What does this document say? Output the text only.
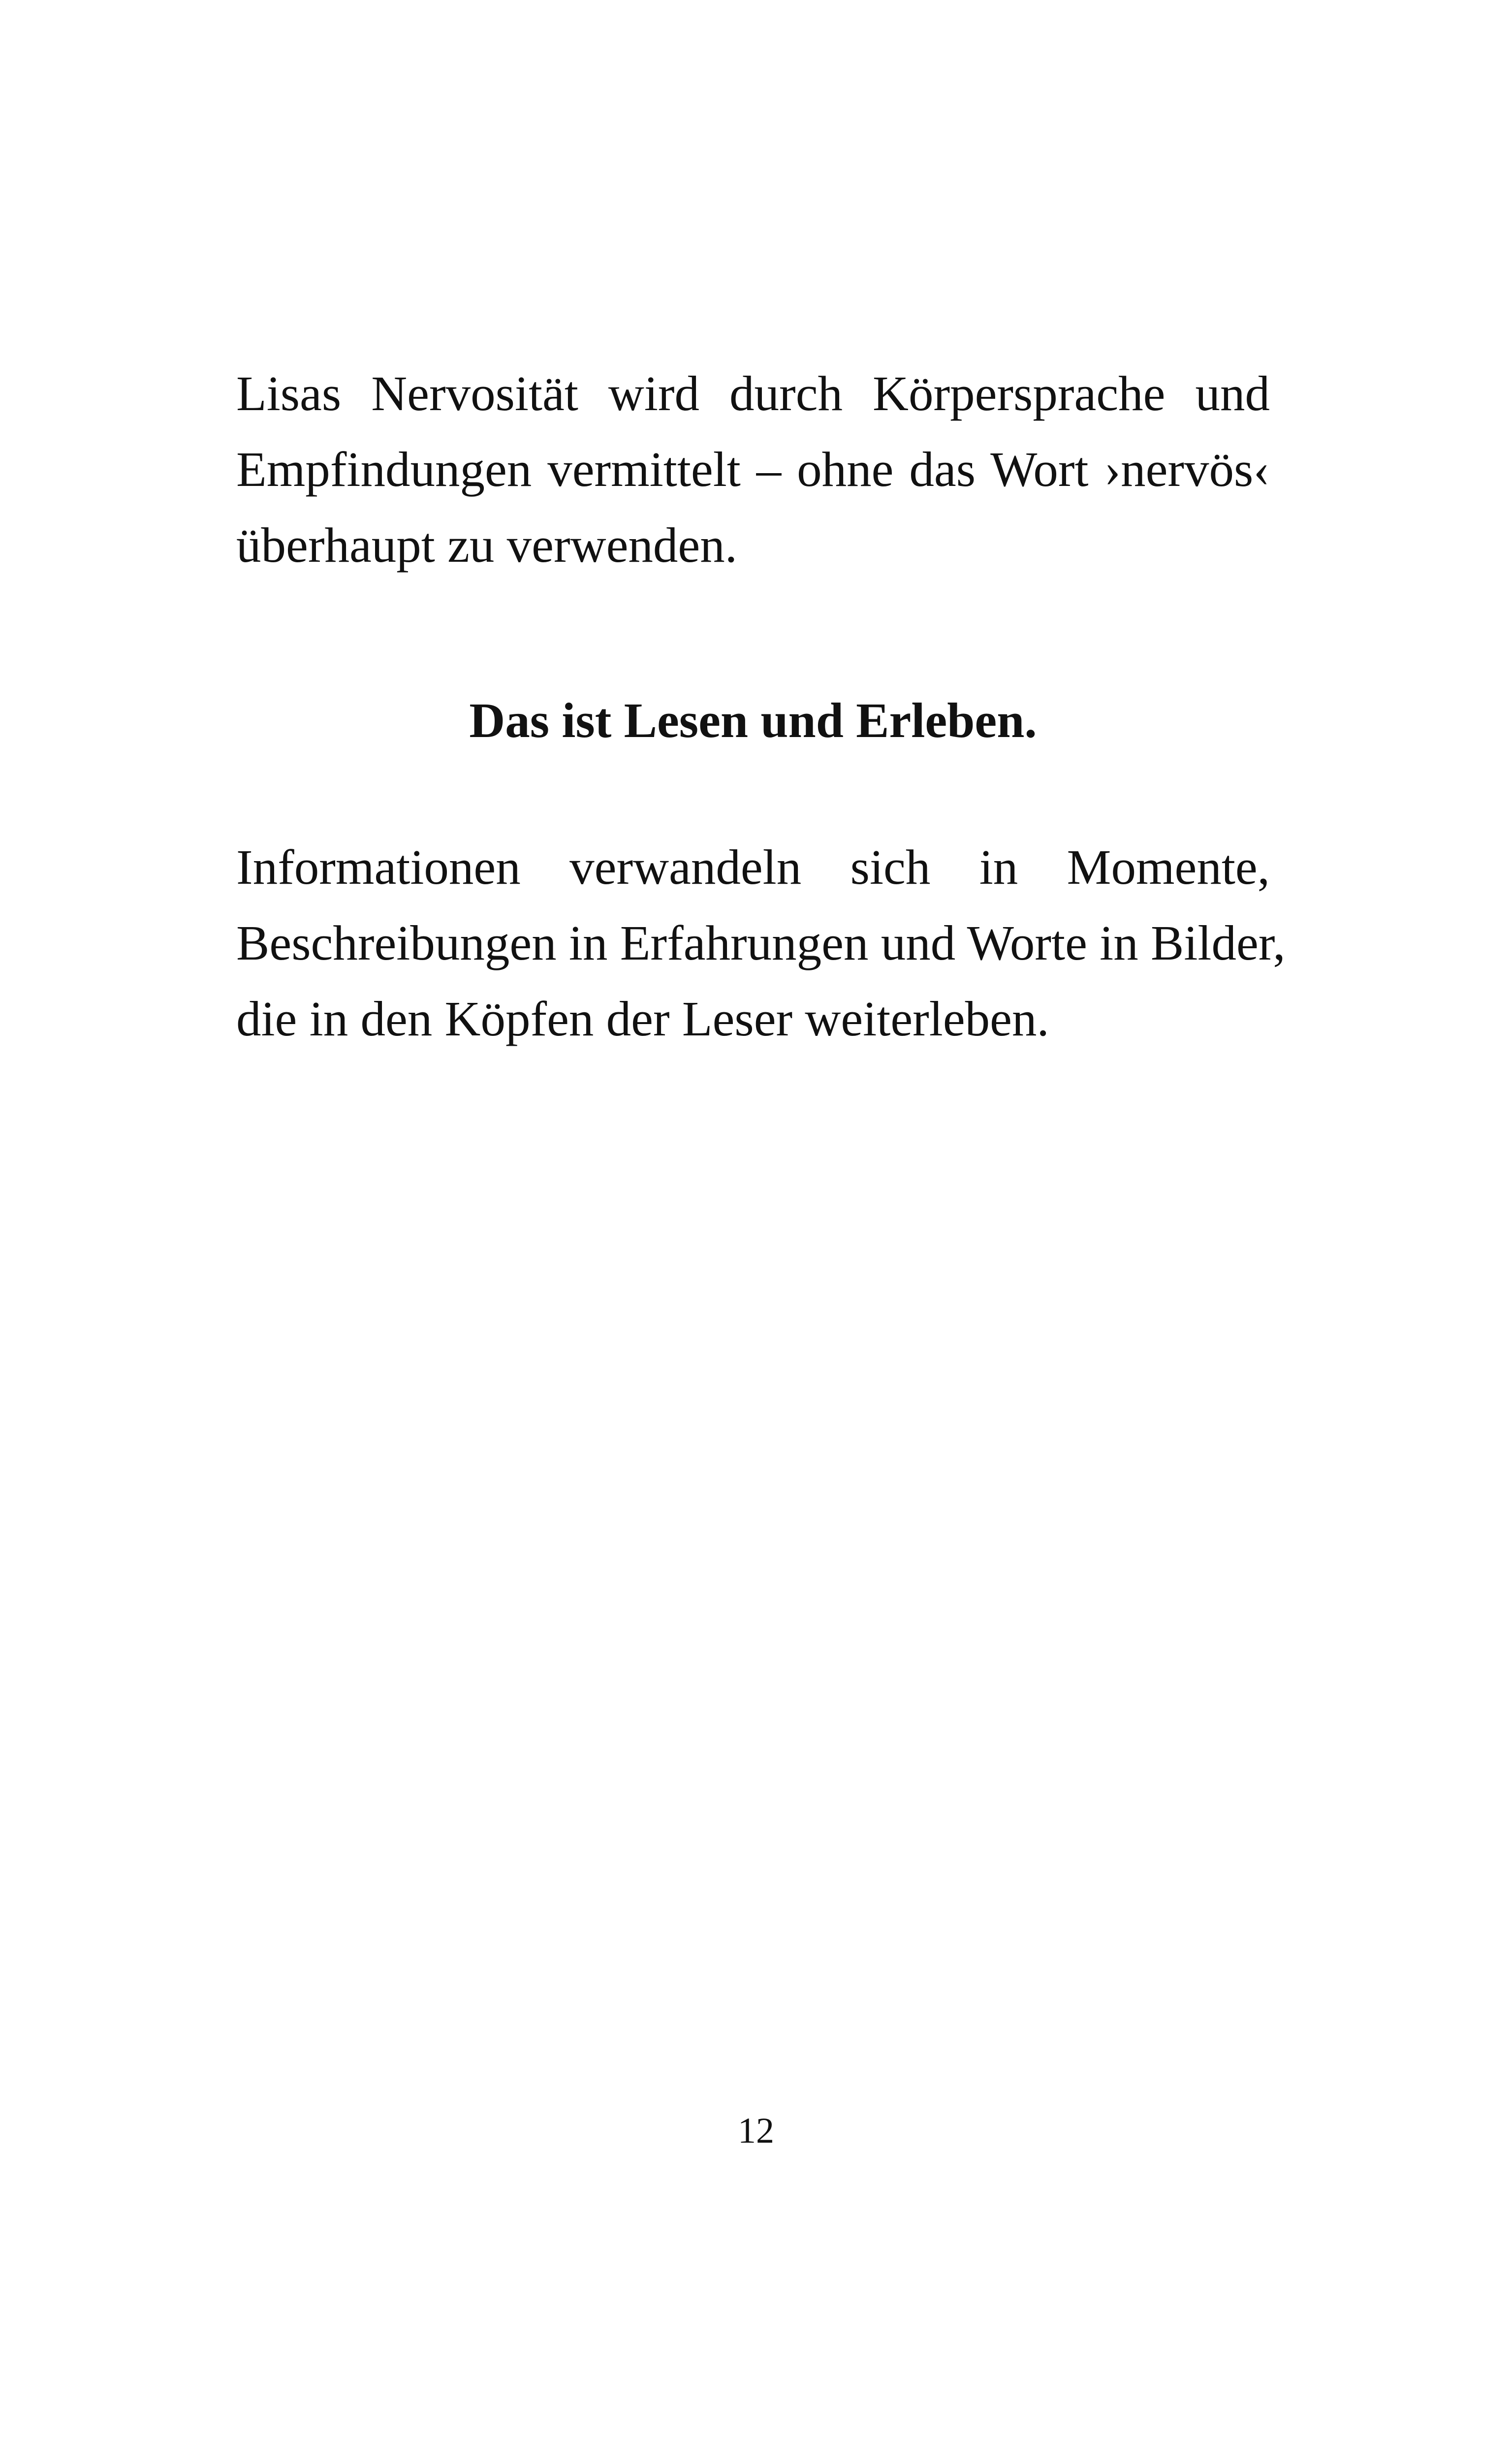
Lisas Nervosität wird durch Körpersprache und
Empfindungen vermittelt – ohne das Wort ›nervös‹
überhaupt zu verwenden.

Das ist Lesen und Erleben.

Informationen verwandeln sich in Momente,
Beschreibungen in Erfahrungen und Worte in Bilder,
die in den Köpfen der Leser weiterleben.

12
